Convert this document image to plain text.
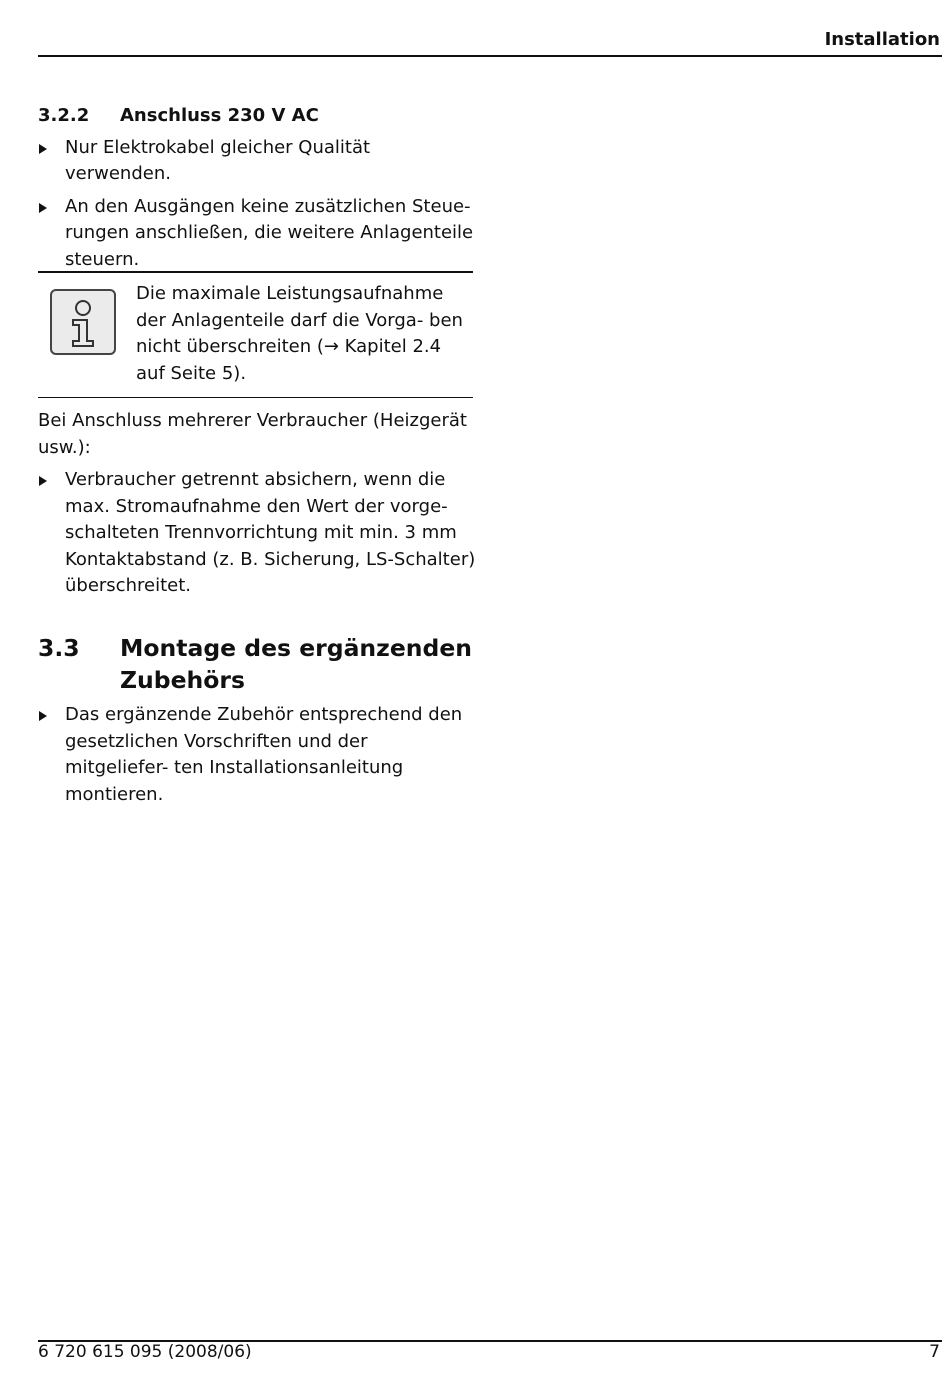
Installation
3.2.2	Anschluss 230 V AC
Nur Elektrokabel gleicher Qualität verwenden.
An den Ausgängen keine zusätzlichen Steue- rungen anschließen, die weitere Anlagenteile steuern.
Die maximale Leistungsaufnahme der Anlagenteile darf die Vorga- ben nicht überschreiten (→ Kapitel 2.4 auf Seite 5).
Bei Anschluss mehrerer Verbraucher (Heizgerät usw.):
Verbraucher getrennt absichern, wenn die max. Stromaufnahme den Wert der vorge- schalteten Trennvorrichtung mit min. 3 mm Kontaktabstand (z. B. Sicherung, LS-Schalter) überschreitet.
3.3	Montage des ergänzenden Zubehörs
Das ergänzende Zubehör entsprechend den gesetzlichen Vorschriften und der mitgeliefer- ten Installationsanleitung montieren.
6 720 615 095 (2008/06)	7
